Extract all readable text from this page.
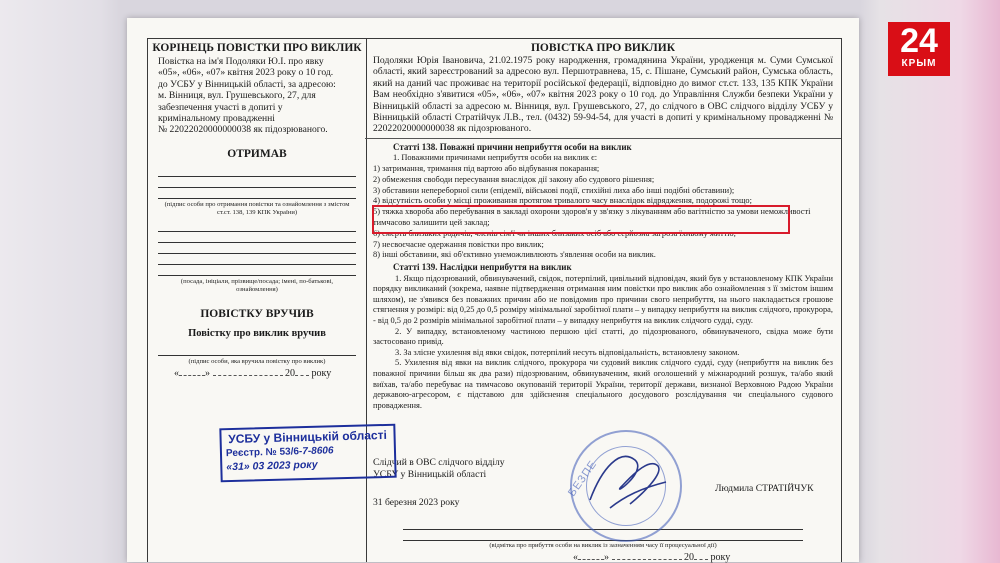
КОРІНЕЦЬ ПОВІСТКИ ПРО ВИКЛИК

Повістка на ім'я Подоляки Ю.І. про явку

«05», «06», «07» квітня 2023 року о 10 год.

до УСБУ у Вінницькій області, за адресою:

м. Вінниця, вул. Грушевського, 27, для

забезпечення участі в допиті у

кримінальному провадженні

№ 22022020000000038 як підозрюваного.

ОТРИМАВ

(підпис особи про отримання повістки та ознайомлення з змістом ст.ст. 138, 139 КПК України)

(посада, ініціали, прізвище/посада; імені, по-батькові, ознайомлення)

ПОВІСТКУ ВРУЧИВ

Повістку про виклик вручив

(підпис особи, яка вручила повістку про виклик)

«	»	20 року

ПОВІСТКА ПРО ВИКЛИК

Подоляки Юрія Івановича, 21.02.1975 року народження, громадянина України, уродженця м. Суми Сумської області, який зареєстрований за адресою вул. Першотравнева, 15, с. Пішане, Сумський район, Сумська область, який на даний час проживає на території російської федерації, відповідно до вимог ст.ст. 133, 135 КПК України Вам необхідно з'явитися «05», «06», «07» квітня 2023 року о 10 год. до Управління Служби безпеки України у Вінницькій області за адресою м. Вінниця, вул. Грушевського, 27, до слідчого в ОВС слідчого відділу УСБУ у Вінницькій області Стратійчук Л.В., тел. (0432) 59-94-54, для участі в допиті у кримінальному провадженні № 22022020000000038 як підозрюваного.

Статті 138. Поважні причини неприбуття особи на виклик

1. Поважними причинами неприбуття особи на виклик є:

1) затримання, тримання під вартою або відбування покарання;

2) обмеження свободи пересування внаслідок дії закону або судового рішення;

3) обставини непереборної сили (епідемії, військові події, стихійні лиха або інші подібні обставини);

4) відсутність особи у місці проживання протягом тривалого часу внаслідок відрядження, подорожі тощо;

5) тяжка хвороба або перебування в закладі охорони здоров'я у зв'язку з лікуванням або вагітністю за умови неможливості тимчасово залишити цей заклад;

6) смерть близьких родичів, членів сім'ї чи інших близьких осіб або серйозна загроза їхньому життю;

7) несвоєчасне одержання повістки про виклик;

8) інші обставини, які об'єктивно унеможливлюють з'явлення особи на виклик.

Статті 139. Наслідки неприбуття на виклик

1. Якщо підозрюваний, обвинувачений, свідок, потерпілий, цивільний відповідач, який був у встановленому КПК України порядку викликаний (зокрема, наявне підтвердження отримання ним повістки про виклик або ознайомлення з її змістом іншим шляхом), не з'явився без поважних причин або не повідомив про причини свого неприбуття, на нього накладається грошове стягнення у розмірі: від 0,25 до 0,5 розміру мінімальної заробітної плати – у випадку неприбуття на виклик слідчого, прокурора, - від 0,5 до 2 розмірів мінімальної заробітної плати – у випадку неприбуття на виклик слідчого судді, суду.

2. У випадку, встановленому частиною першою цієї статті, до підозрюваного, обвинуваченого, свідка може бути застосовано привід.

3. За злісне ухилення від явки свідок, потерпілий несуть відповідальність, встановлену законом.

5. Ухилення від явки на виклик слідчого, прокурора чи судовий виклик слідчого судді, суду (неприбуття на виклик без поважної причини більш як два рази) підозрюваним, обвинуваченим, який оголошений у міжнародний розшук, та/або який виїхав, та/або перебуває на тимчасово окупованій території України, території держави, визнаної Верховною Радою України державою-агресором, є підставою для здійснення спеціального досудового розслідування чи спеціального судового провадження.

Слідчий в ОВС слідчого відділу

УСБУ у Вінницькій області

Людмила СТРАТІЙЧУК

31 березня 2023 року

(відмітка про прибуття особи на виклик із зазначенням часу її процесуальної дії)

«	»	20 року
УСБУ у Вінницькій області
Реєстр. № 53/6-7-8606
«31» 03 2023 року	БЕЗПЕ
24
КРЫМ
